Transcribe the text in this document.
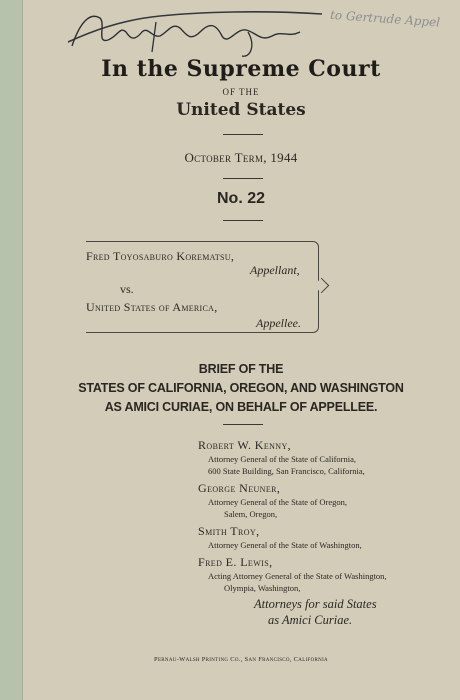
to Gertrude Appel
In the Supreme Court
OF THE
United States
October Term, 1944
No. 22
Fred Toyosaburo Korematsu,
Appellant,
vs.
United States of America,
Appellee.
BRIEF OF THE
STATES OF CALIFORNIA, OREGON, AND WASHINGTON
AS AMICI CURIAE, ON BEHALF OF APPELLEE.
Robert W. Kenny,
Attorney General of the State of California,
600 State Building, San Francisco, California,
George Neuner,
Attorney General of the State of Oregon,
Salem, Oregon,
Smith Troy,
Attorney General of the State of Washington,
Fred E. Lewis,
Acting Attorney General of the State of Washington,
Olympia, Washington,
Attorneys for said States
as Amici Curiae.
Pernau-Walsh Printing Co., San Francisco, California
